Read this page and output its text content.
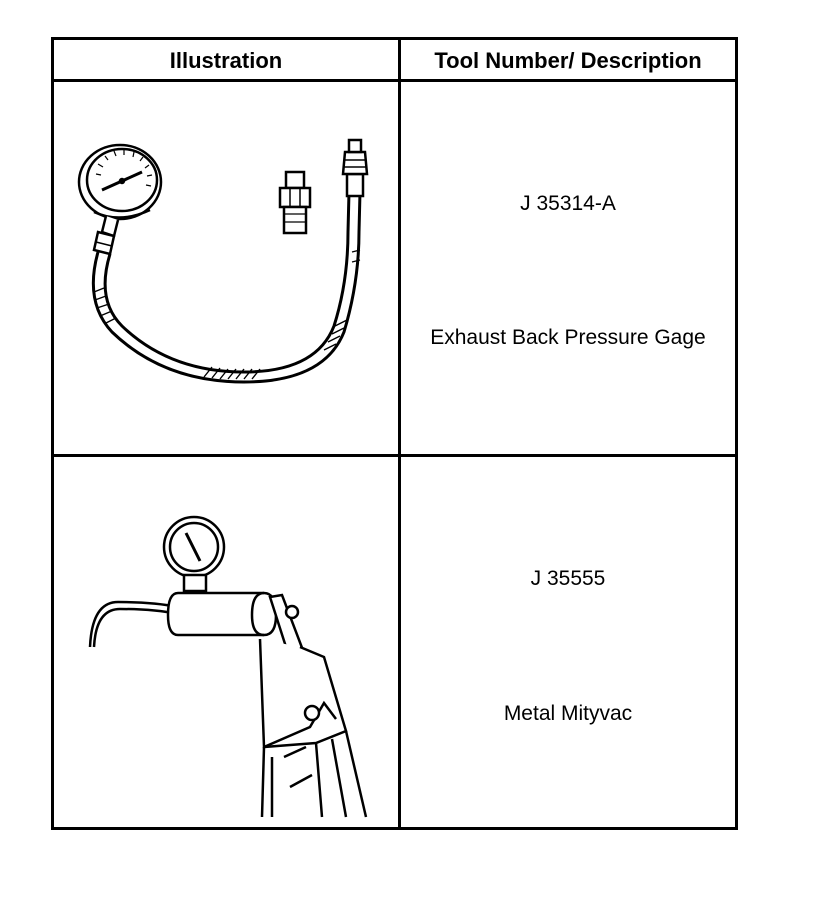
Illustration	Tool Number/ Description
J 35314-A
Exhaust Back Pressure Gage
J 35555
Metal Mityvac
